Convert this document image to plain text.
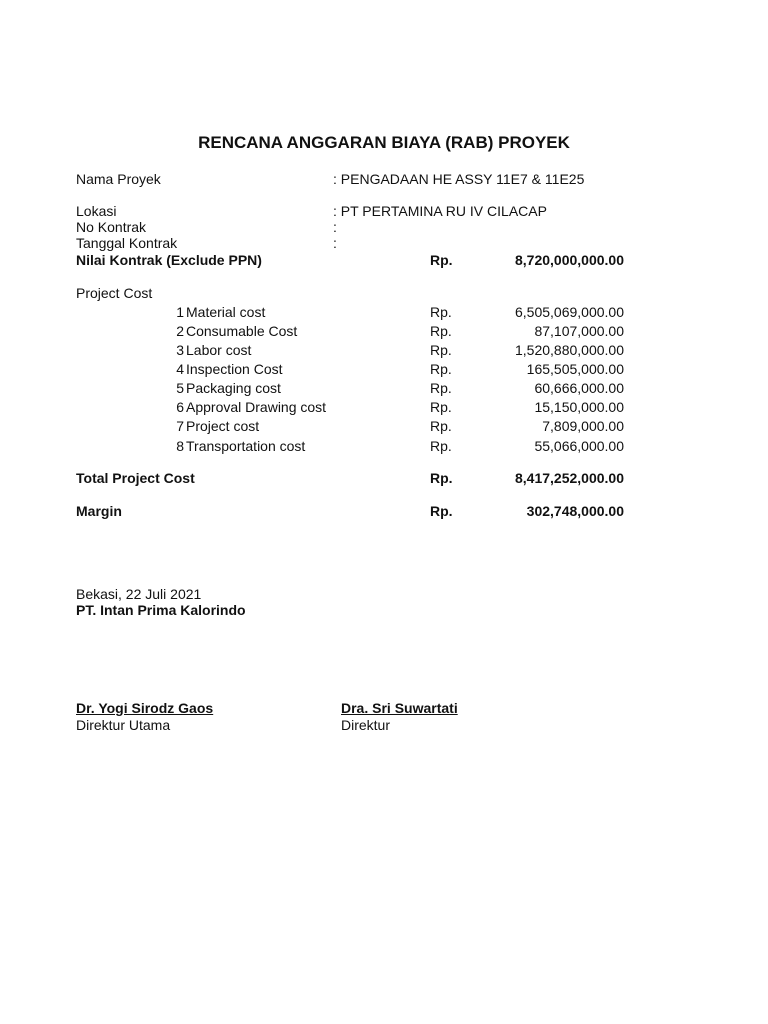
RENCANA ANGGARAN BIAYA (RAB) PROYEK
Nama Proyek	: PENGADAAN HE ASSY 11E7 & 11E25
Lokasi	: PT PERTAMINA RU IV CILACAP
No Kontrak	:
Tanggal Kontrak	:
Nilai Kontrak (Exclude PPN)	Rp.	8,720,000,000.00
Project Cost
1 Material cost	Rp.	6,505,069,000.00
2 Consumable Cost	Rp.	87,107,000.00
3 Labor cost	Rp.	1,520,880,000.00
4 Inspection Cost	Rp.	165,505,000.00
5 Packaging cost	Rp.	60,666,000.00
6 Approval Drawing cost	Rp.	15,150,000.00
7 Project cost	Rp.	7,809,000.00
8 Transportation cost	Rp.	55,066,000.00
Total Project Cost	Rp.	8,417,252,000.00
Margin	Rp.	302,748,000.00
Bekasi, 22 Juli 2021
PT. Intan Prima Kalorindo
Dr. Yogi Sirodz Gaos
Direktur Utama
Dra. Sri Suwartati
Direktur
